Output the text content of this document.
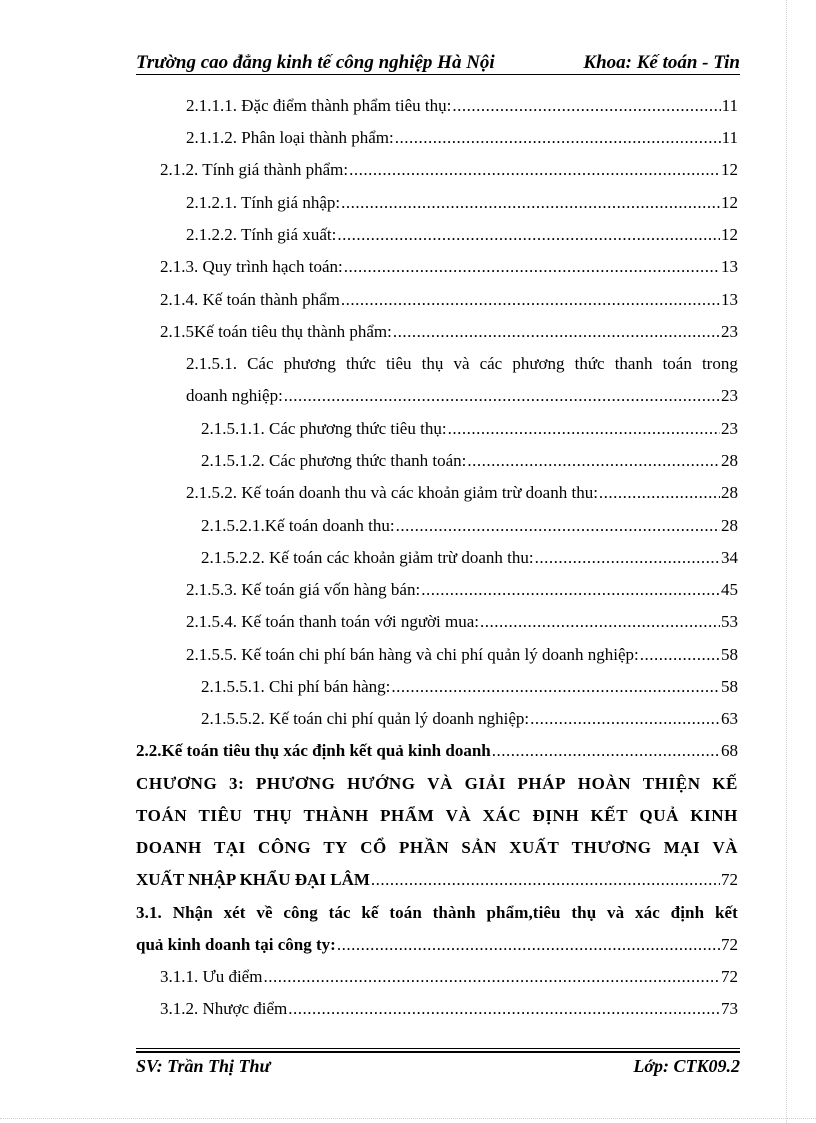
Trường cao đẳng kinh tế công nghiệp Hà Nội	Khoa: Kế toán - Tin
2.1.1.1. Đặc điểm thành phẩm tiêu thụ: .....	11
2.1.1.2. Phân loại thành phẩm: .....	11
2.1.2. Tính giá thành phẩm: .....	12
2.1.2.1. Tính giá nhập: .....	12
2.1.2.2. Tính giá xuất: .....	12
2.1.3. Quy trình hạch toán: .....	13
2.1.4. Kế toán thành phẩm .....	13
2.1.5Kế toán tiêu thụ thành phẩm: .....	23
2.1.5.1. Các phương thức tiêu thụ và các phương thức thanh toán trong
doanh nghiệp: .....	23
2.1.5.1.1. Các phương thức tiêu thụ: .....	23
2.1.5.1.2. Các phương thức thanh toán: .....	28
2.1.5.2. Kế toán doanh thu và các khoản giảm trừ doanh thu: .....	28
2.1.5.2.1.Kế toán doanh thu: .....	28
2.1.5.2.2. Kế toán các khoản giảm trừ doanh thu: .....	34
2.1.5.3. Kế toán giá vốn hàng bán: .....	45
2.1.5.4. Kế toán thanh toán với người mua: .....	53
2.1.5.5. Kế toán chi phí bán hàng và chi phí quản lý doanh nghiệp: .....	58
2.1.5.5.1. Chi phí bán hàng: .....	58
2.1.5.5.2. Kế toán chi phí quản lý doanh nghiệp: .....	63
2.2.Kế toán tiêu thụ xác định kết quả kinh doanh .....	68
CHƯƠNG 3: PHƯƠNG HƯỚNG VÀ GIẢI PHÁP HOÀN THIỆN KẾ
TOÁN TIÊU THỤ THÀNH PHẨM VÀ XÁC ĐỊNH KẾT QUẢ KINH
DOANH TẠI CÔNG TY CỔ PHẦN SẢN XUẤT THƯƠNG MẠI VÀ
XUẤT NHẬP KHẨU ĐẠI LÂM .....	72
3.1. Nhận xét về công tác kế toán thành phẩm,tiêu thụ và xác định kết
quả kinh doanh tại công ty: .....	72
3.1.1. Ưu điểm .....	72
3.1.2. Nhược điểm .....	73
SV: Trần Thị Thư	Lớp: CTK09.2
